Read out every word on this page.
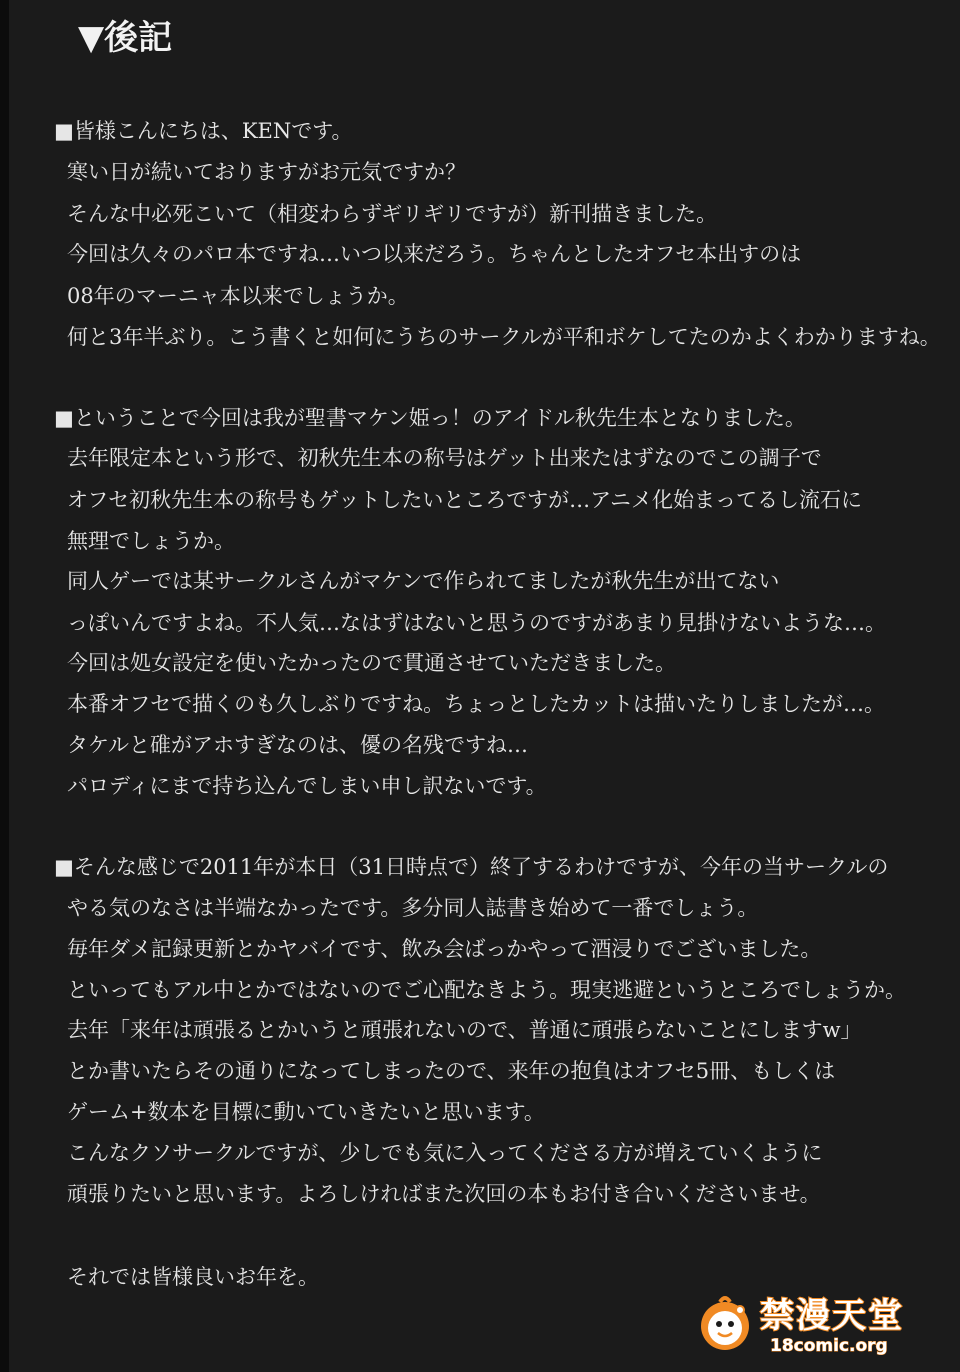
▼後記
■皆様こんにちは、KENです。
寒い日が続いておりますがお元気ですか？
そんな中必死こいて（相変わらずギリギリですが）新刊描きました。
今回は久々のパロ本ですね…いつ以来だろう。ちゃんとしたオフセ本出すのは
08年のマーニャ本以来でしょうか。
何と3年半ぶり。こう書くと如何にうちのサークルが平和ボケしてたのかよくわかりますね。
■ということで今回は我が聖書マケン姫っ！のアイドル秋先生本となりました。
去年限定本という形で、初秋先生本の称号はゲット出来たはずなのでこの調子で
オフセ初秋先生本の称号もゲットしたいところですが…アニメ化始まってるし流石に
無理でしょうか。
同人ゲーでは某サークルさんがマケンで作られてましたが秋先生が出てない
っぽいんですよね。不人気…なはずはないと思うのですがあまり見掛けないような…。
今回は処女設定を使いたかったので貫通させていただきました。
本番オフセで描くのも久しぶりですね。ちょっとしたカットは描いたりしましたが…。
タケルと碓がアホすぎなのは、優の名残ですね…
パロディにまで持ち込んでしまい申し訳ないです。
■そんな感じで2011年が本日（31日時点で）終了するわけですが、今年の当サークルの
やる気のなさは半端なかったです。多分同人誌書き始めて一番でしょう。
毎年ダメ記録更新とかヤバイです、飲み会ばっかやって酒浸りでございました。
といってもアル中とかではないのでご心配なきよう。現実逃避というところでしょうか。
去年「来年は頑張るとかいうと頑張れないので、普通に頑張らないことにしますw」
とか書いたらその通りになってしまったので、来年の抱負はオフセ5冊、もしくは
ゲーム+数本を目標に動いていきたいと思います。
こんなクソサークルですが、少しでも気に入ってくださる方が増えていくように
頑張りたいと思います。よろしければまた次回の本もお付き合いくださいませ。
それでは皆様良いお年を。
禁漫天堂
18comic.org
